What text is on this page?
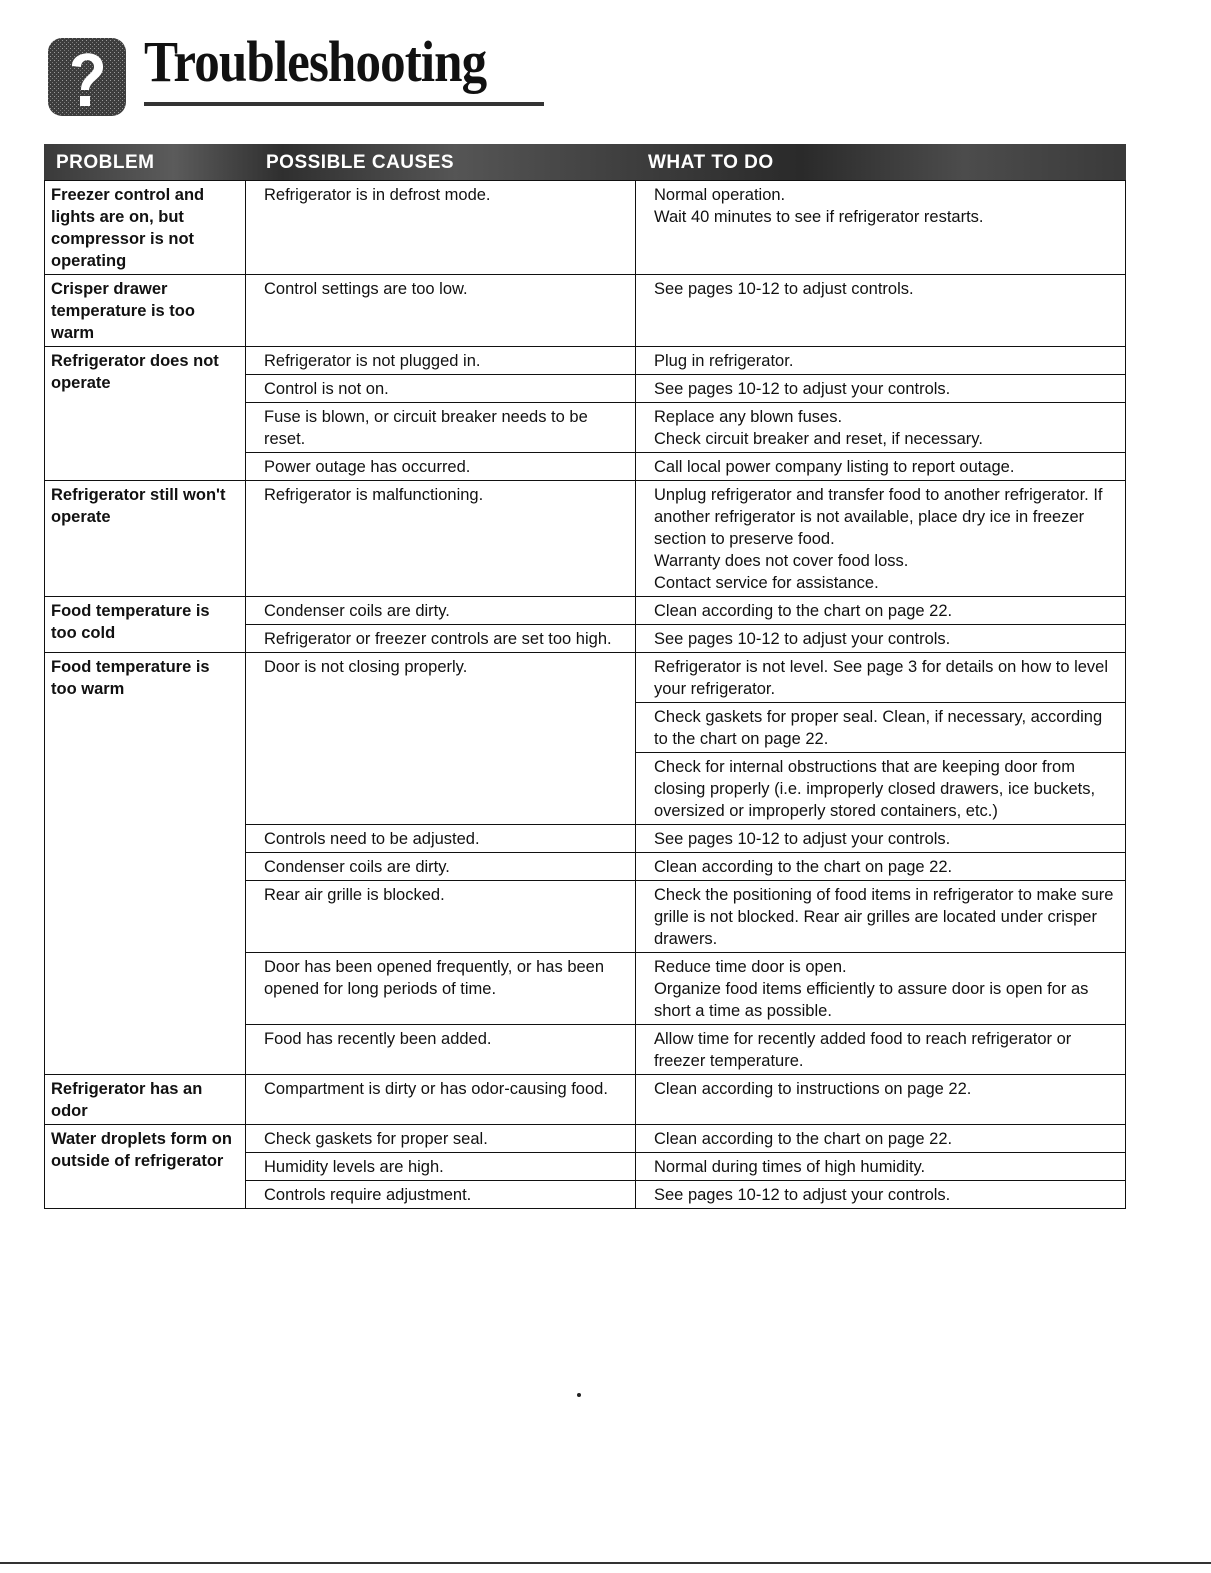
Troubleshooting
PROBLEM	POSSIBLE CAUSES	WHAT TO DO
Freezer control and lights are on, but compressor is not operating	Refrigerator is in defrost mode.	Normal operation.
Wait 40 minutes to see if refrigerator restarts.

Crisper drawer temperature is too warm	Control settings are too low.	See pages 10-12 to adjust controls.
Refrigerator does not operate	Refrigerator is not plugged in.	Plug in refrigerator.
	Control is not on.	See pages 10-12 to adjust your controls.
	Fuse is blown, or circuit breaker needs to be reset.	Replace any blown fuses.
Check circuit breaker and reset, if necessary.

	Power outage has occurred.	Call local power company listing to report outage.
Refrigerator still won't operate	Refrigerator is malfunctioning.	Unplug refrigerator and transfer food to another refrigerator. If another refrigerator is not available, place dry ice in freezer section to preserve food.
Warranty does not cover food loss.
Contact service for assistance.

Food temperature is too cold	Condenser coils are dirty.	Clean according to the chart on page 22.
	Refrigerator or freezer controls are set too high.	See pages 10-12 to adjust your controls.
Food temperature is too warm	Door is not closing properly.	Refrigerator is not level. See page 3 for details on how to level your refrigerator.
		Check gaskets for proper seal. Clean, if necessary, according to the chart on page 22.
		Check for internal obstructions that are keeping door from closing properly (i.e. improperly closed drawers, ice buckets, oversized or improperly stored containers, etc.)
	Controls need to be adjusted.	See pages 10-12 to adjust your controls.
	Condenser coils are dirty.	Clean according to the chart on page 22.
	Rear air grille is blocked.	Check the positioning of food items in refrigerator to make sure grille is not blocked. Rear air grilles are located under crisper drawers.
	Door has been opened frequently, or has been opened for long periods of time.	Reduce time door is open.
Organize food items efficiently to assure door is open for as short a time as possible.

	Food has recently been added.	Allow time for recently added food to reach refrigerator or freezer temperature.
Refrigerator has an odor	Compartment is dirty or has odor-causing food.	Clean according to instructions on page 22.
Water droplets form on outside of refrigerator	Check gaskets for proper seal.	Clean according to the chart on page 22.
	Humidity levels are high.	Normal during times of high humidity.
	Controls require adjustment.	See pages 10-12 to adjust your controls.
